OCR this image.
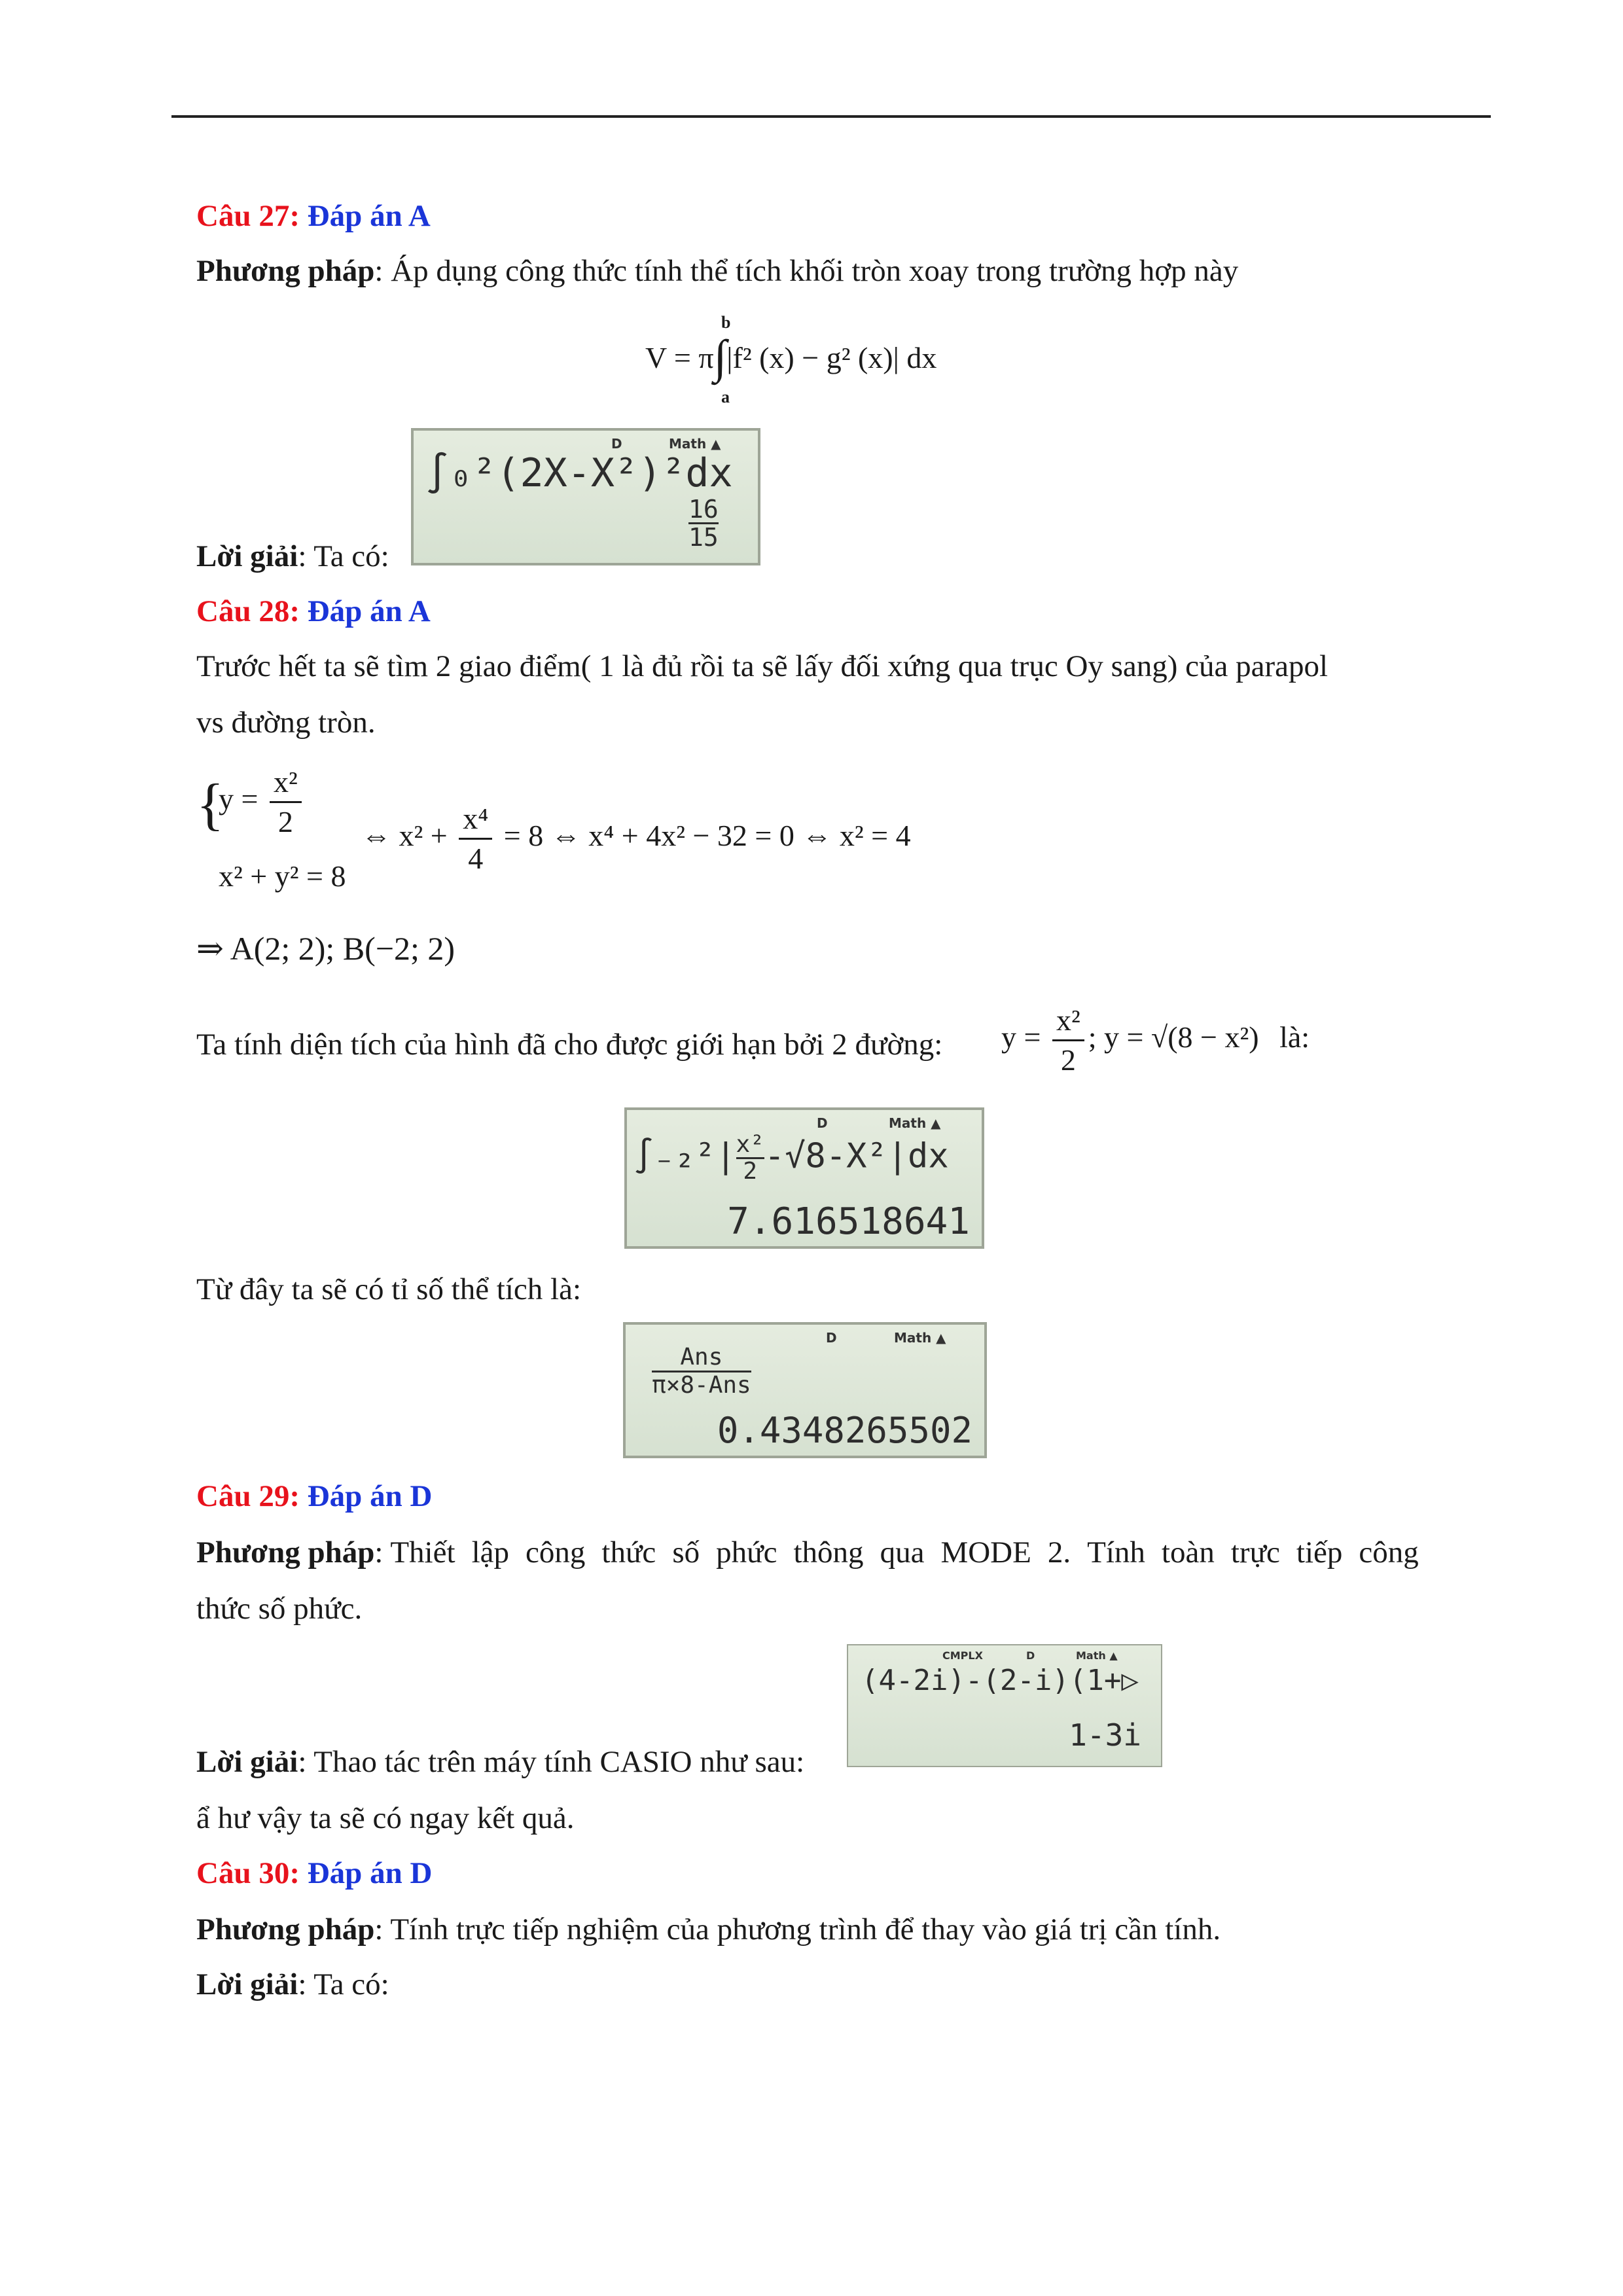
Câu 27: Đáp án A
Phương pháp: Áp dụng công thức tính thể tích khối tròn xoay trong trường hợp này
V = π∫|f² (x) − g² (x)| dx
b
a
D	Math ▲
∫₀²(2X-X²)²dx
16
15
Lời giải: Ta có:
Câu 28: Đáp án A
Trước hết ta sẽ tìm 2 giao điểm( 1 là đủ rồi ta sẽ lấy đối xứng qua trục Oy sang) của parapol
vs đường tròn.
{
$y = \frac{\text{x²}}{2}$
x² + y² = 8
⇔ $x^2 + \frac{\text{x⁴}}{4} = 8$ ⇔ x⁴ + 4x² − 32 = 0 ⇔ x² = 4
⇒ A(2; 2); B(−2; 2)
Ta tính diện tích của hình đã cho được giới hạn bởi 2 đường: $y = \frac{\text{x²}}{2}$ ; y = √(8 − x²) là:
D	Math ▲
$\int_{-2}^2| \frac{\text{x²}}{2} -√8-X^2|dx$
7.616518641
Từ đây ta sẽ có tỉ số thể tích là:
D	Math ▲
Ans
π×8-Ans
0.4348265502
Câu 29: Đáp án D
Phương pháp: Thiết lập công thức số phức thông qua MODE 2. Tính toàn trực tiếp công
thức số phức.
CMPLX	D	Math ▲
(4-2i)-(2-i)(1+▷
1-3i
Lời giải: Thao tác trên máy tính CASIO như sau:
ẩ hư vậy ta sẽ có ngay kết quả.
Câu 30: Đáp án D
Phương pháp: Tính trực tiếp nghiệm của phương trình để thay vào giá trị cần tính.
Lời giải: Ta có:
